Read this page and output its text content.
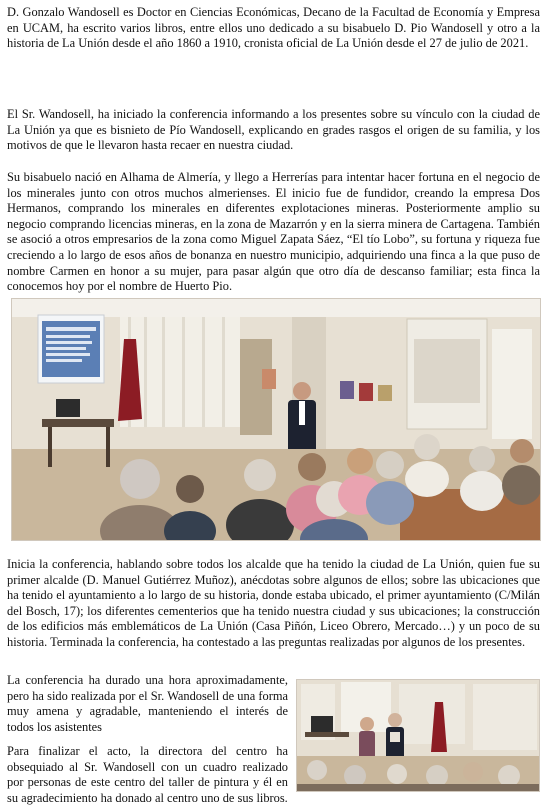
D. Gonzalo Wandosell es Doctor en Ciencias Económicas, Decano de la Facultad de Economía y Empresa en UCAM, ha escrito varios libros, entre ellos uno dedicado a su bisabuelo D. Pio Wandosell y otro a la historia de La Unión desde el año 1860 a 1910, cronista oficial de La Unión desde el 27 de julio de 2021.

El Sr. Wandosell, ha iniciado la conferencia informando a los presentes sobre su vínculo con la ciudad de La Unión ya que es bisnieto de Pío Wandosell, explicando en grades rasgos el origen de su familia, y los motivos de que le llevaron hasta recaer en nuestra ciudad.

Su bisabuelo nació en Alhama de Almería, y llego a Herrerías para intentar hacer fortuna en el negocio de los minerales junto con otros muchos almerienses. El inicio fue de fundidor, creando la empresa Dos Hermanos, comprando los minerales en diferentes explotaciones mineras. Posteriormente amplio su negocio comprando licencias mineras, en la zona de Mazarrón y en la sierra minera de Cartagena. También se asoció a otros empresarios de la zona como Miguel Zapata Sáez, “El tío Lobo”, su fortuna y riqueza fue creciendo a lo largo de esos años de bonanza en nuestro municipio, adquiriendo una finca a la que puso de nombre Carmen en honor a su mujer, para pasar algún que otro día de descanso familiar; esta finca la conocemos hoy por el nombre de Huerto Pio.

Inicia la conferencia, hablando sobre todos los alcalde que ha tenido la ciudad de La Unión, quien fue su primer alcalde (D. Manuel Gutiérrez Muñoz), anécdotas sobre algunos de ellos; sobre las ubicaciones que ha tenido el ayuntamiento a lo largo de su historia, donde estaba ubicado, el primer ayuntamiento (C/Milán del Bosch, 17); los diferentes cementerios que ha tenido nuestra ciudad y sus ubicaciones; la construcción de los edificios más emblemáticos de La Unión (Casa Piñón, Liceo Obrero, Mercado…) y un poco de su historia. Terminada la conferencia, ha contestado a las preguntas realizadas por algunos de los presentes.

La conferencia ha durado una hora aproximadamente, pero ha sido realizada por el Sr. Wandosell de una forma muy amena y agradable, manteniendo el interés de todos los asistentes

Para finalizar el acto, la directora del centro ha obsequiado al Sr. Wandosell con un cuadro realizado por personas de este centro del taller de pintura y él en su agradecimiento ha donado al centro uno de sus libros.
